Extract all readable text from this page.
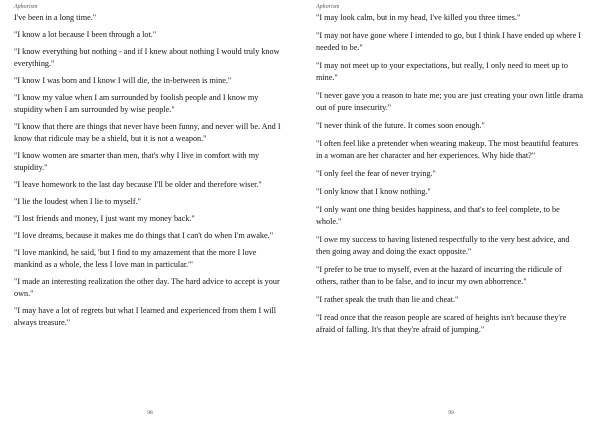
Aphorism
I've been in a long time."
"I know a lot because I been through a lot."
"I know everything but nothing - and if I knew about nothing I would truly know everything."
"I know I was born and I know I will die, the in-between is mine."
"I know my value when I am surrounded by foolish people and I know my stupidity when I am surrounded by wise people."
"I know that there are things that never have been funny, and never will be. And I know that ridicule may be a shield, but it is not a weapon."
"I know women are smarter than men, that's why I live in comfort with my stupidity."
"I leave homework to the last day because I'll be older and therefore wiser."
"I lie the loudest when I lie to myself."
"I lost friends and money, I just want my money back."
"I love dreams, because it makes me do things that I can't do when I'm awake."
"I love mankind, he said, 'but I find to my amazement that the more I love mankind as a whole, the less I love man in particular.'"
"I made an interesting realization the other day. The hard advice to accept is your own."
"I may have a lot of regrets but what I learned and experienced from them I will always treasure."
98
Aphorism
"I may look calm, but in my head, I've killed you three times."
"I may not have gone where I intended to go, but I think I have ended up where I needed to be."
"I may not meet up to your expectations, but really, I only need to meet up to mine."
"I never gave you a reason to hate me; you are just creating your own little drama out of pure insecurity."
"I never think of the future. It comes soon enough."
"I often feel like a pretender when wearing makeup. The most beautiful features in a woman are her character and her experiences. Why hide that?"
"I only feel the fear of never trying."
"I only know that I know nothing."
"I only want one thing besides happiness, and that's to feel complete, to be whole."
"I owe my success to having listened respectfully to the very best advice, and then going away and doing the exact opposite."
"I prefer to be true to myself, even at the hazard of incurring the ridicule of others, rather than to be false, and to incur my own abhorrence."
"I rather speak the truth than lie and cheat."
"I read once that the reason people are scared of heights isn't because they're afraid of falling. It's that they're afraid of jumping."
99
